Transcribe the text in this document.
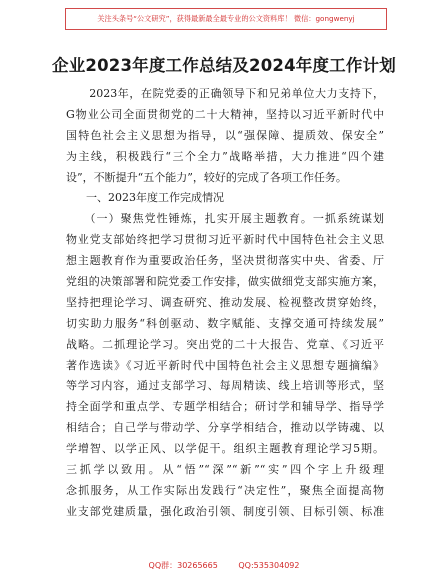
关注头条号“公文研究”，获得最新最全最专业的公文资料库！ 微信：gongwenyj
企业2023年度工作总结及2024年度工作计划

　　2023年，在院党委的正确领导下和兄弟单位大力支持下，
G物业公司全面贯彻党的二十大精神，坚持以习近平新时代中
国特色社会主义思想为指导，以“强保障、提质效、保安全”
为主线，积极践行“三个全力”战略举措，大力推进“四个建
设”，不断提升“五个能力”，较好的完成了各项工作任务。

一、2023年度工作完成情况

　　（一）聚焦党性锤炼，扎实开展主题教育。一抓系统谋划
物业党支部始终把学习贯彻习近平新时代中国特色社会主义思
想主题教育作为重要政治任务，坚决贯彻落实中央、省委、厅
党组的决策部署和院党委工作安排，做实做细党支部实施方案，
坚持把理论学习、调查研究、推动发展、检视整改贯穿始终，
切实助力服务“科创驱动、数字赋能、支撑交通可持续发展”
战略。二抓理论学习。突出党的二十大报告、党章、《习近平
著作选读》《习近平新时代中国特色社会主义思想专题摘编》
等学习内容，通过支部学习、每周精读、线上培训等形式，坚
持全面学和重点学、专题学相结合；研讨学和辅导学、指导学
相结合；自己学与带动学、分享学相结合，推动以学铸魂、以
学增智、以学正风、以学促干。组织主题教育理论学习5期。
三抓学以致用。从“悟”“深”“新”“实”四个字上升级理
念抓服务，从工作实际出发践行“决定性”，聚焦全面提高物
业支部党建质量，强化政治引领、制度引领、目标引领、标准

QQ群：30265665	QQ:535304092
